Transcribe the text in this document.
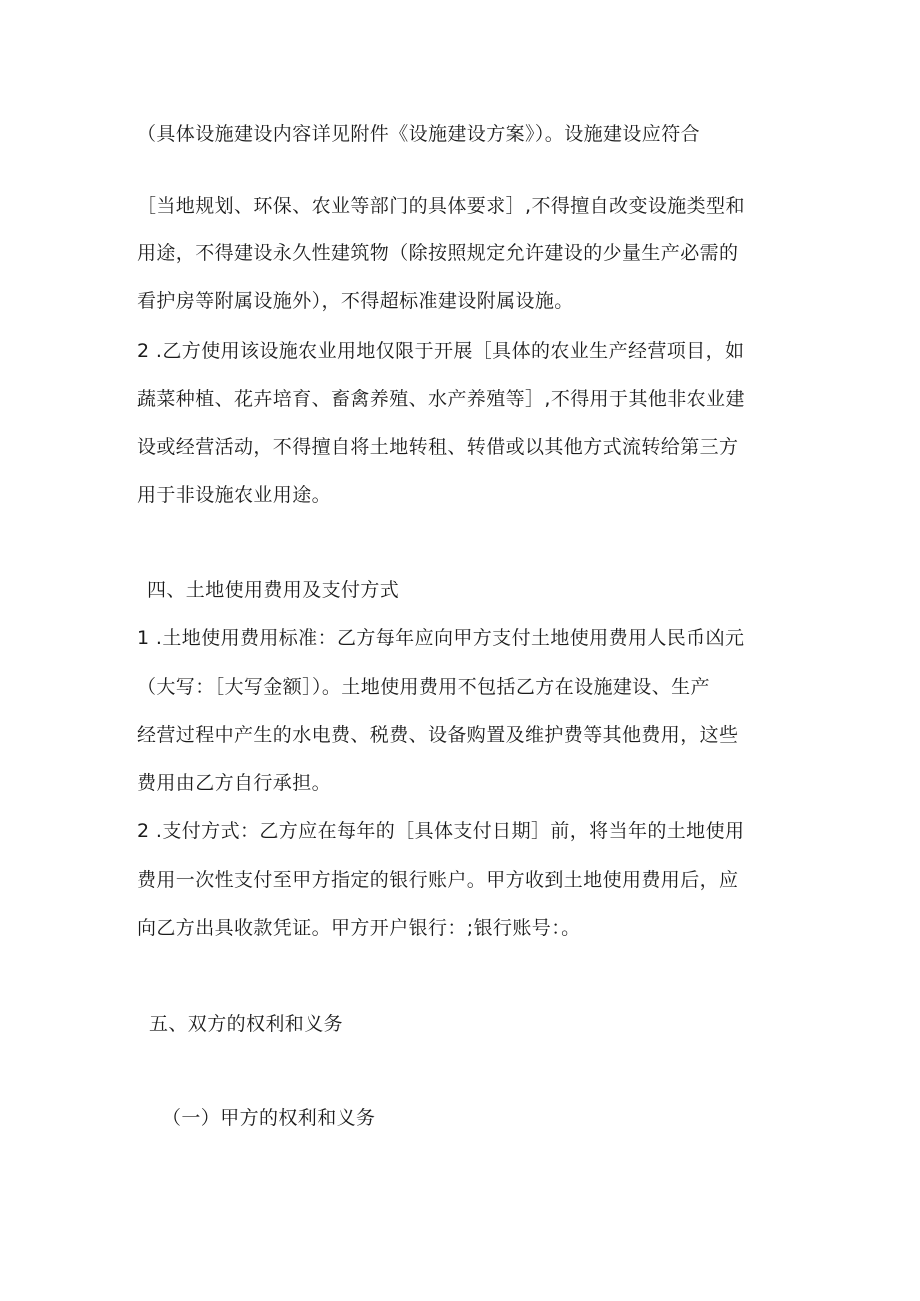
（具体设施建设内容详见附件《设施建设方案》）。设施建设应符合
［当地规划、环保、农业等部门的具体要求］,不得擅自改变设施类型和
用途，不得建设永久性建筑物（除按照规定允许建设的少量生产必需的
看护房等附属设施外），不得超标准建设附属设施。
2 .乙方使用该设施农业用地仅限于开展［具体的农业生产经营项目，如
蔬菜种植、花卉培育、畜禽养殖、水产养殖等］,不得用于其他非农业建
设或经营活动，不得擅自将土地转租、转借或以其他方式流转给第三方
用于非设施农业用途。
四、土地使用费用及支付方式
1 .土地使用费用标准：乙方每年应向甲方支付土地使用费用人民币凶元
（大写：［大写金额］）。土地使用费用不包括乙方在设施建设、生产
经营过程中产生的水电费、税费、设备购置及维护费等其他费用，这些
费用由乙方自行承担。
2 .支付方式：乙方应在每年的［具体支付日期］前，将当年的土地使用
费用一次性支付至甲方指定的银行账户。甲方收到土地使用费用后，应
向乙方出具收款凭证。甲方开户银行：;银行账号：。
五、双方的权利和义务
（一）甲方的权利和义务
